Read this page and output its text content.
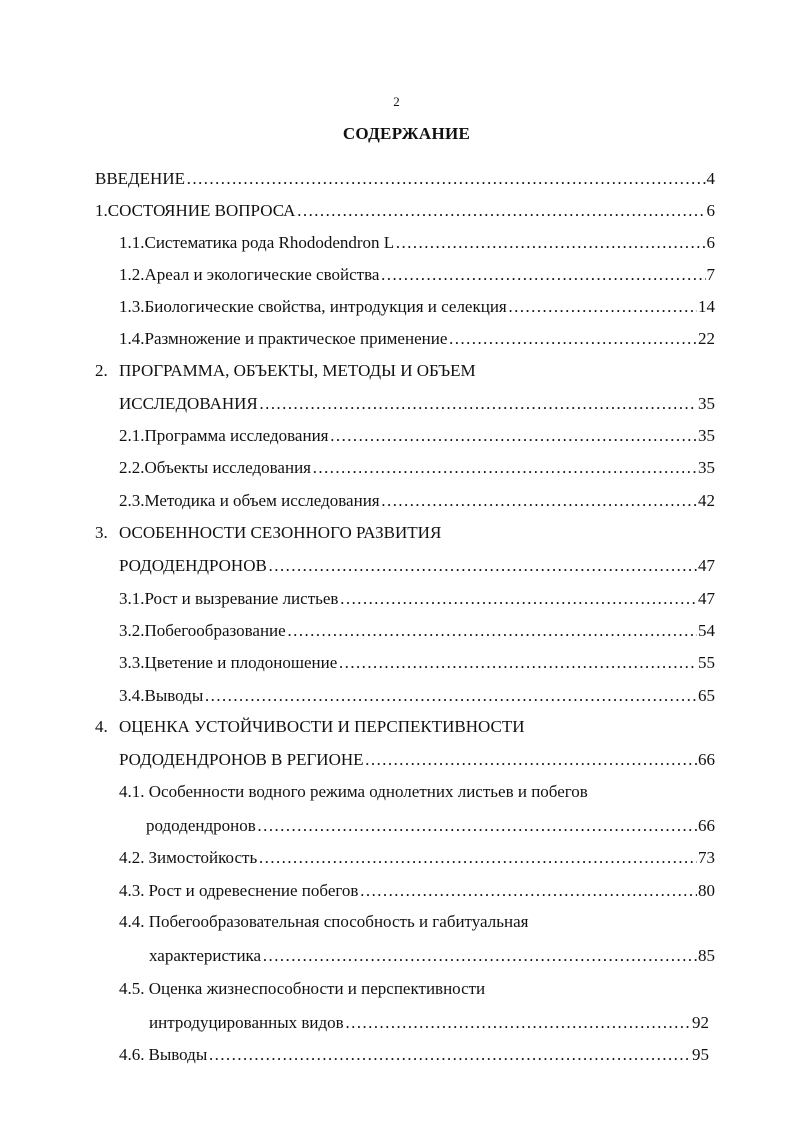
2
СОДЕРЖАНИЕ
ВВЕДЕНИЕ …………………………………………………………………………………………………………………………………………………………	4
1. СОСТОЯНИЕ ВОПРОСА …………………………………………………………………………………………………………………………………………………………	6
1.1. Систематика рода Rhododendron L …………………………………………………………………………………………………………………………………………………………	6
1.2. Ареал и экологические свойства …………………………………………………………………………………………………………………………………………………………	7
1.3. Биологические свойства, интродукция и селекция …………………………………………………………………………………………………………………………………………………………	14
1.4. Размножение и практическое применение …………………………………………………………………………………………………………………………………………………………	22
2. ПРОГРАММА, ОБЪЕКТЫ, МЕТОДЫ И ОБЪЕМ
ИССЛЕДОВАНИЯ …………………………………………………………………………………………………………………………………………………………	35
2.1. Программа исследования …………………………………………………………………………………………………………………………………………………………	35
2.2. Объекты исследования …………………………………………………………………………………………………………………………………………………………	35
2.3. Методика и объем исследования …………………………………………………………………………………………………………………………………………………………	42
3. ОСОБЕННОСТИ СЕЗОННОГО РАЗВИТИЯ
РОДОДЕНДРОНОВ …………………………………………………………………………………………………………………………………………………………	47
3.1. Рост и вызревание листьев …………………………………………………………………………………………………………………………………………………………	47
3.2. Побегообразование …………………………………………………………………………………………………………………………………………………………	54
3.3. Цветение и плодоношение …………………………………………………………………………………………………………………………………………………………	55
3.4. Выводы …………………………………………………………………………………………………………………………………………………………	65
4. ОЦЕНКА УСТОЙЧИВОСТИ И ПЕРСПЕКТИВНОСТИ
РОДОДЕНДРОНОВ В РЕГИОНЕ …………………………………………………………………………………………………………………………………………………………	66
4.1. Особенности водного режима однолетних листьев и побегов
рододендронов …………………………………………………………………………………………………………………………………………………………	66
4.2. Зимостойкость …………………………………………………………………………………………………………………………………………………………	73
4.3. Рост и одревеснение побегов …………………………………………………………………………………………………………………………………………………………	80
4.4. Побегообразовательная способность и габитуальная
характеристика …………………………………………………………………………………………………………………………………………………………	85
4.5. Оценка жизнеспособности и перспективности
интродуцированных видов …………………………………………………………………………………………………………………………………………………………	92
4.6. Выводы …………………………………………………………………………………………………………………………………………………………	95
